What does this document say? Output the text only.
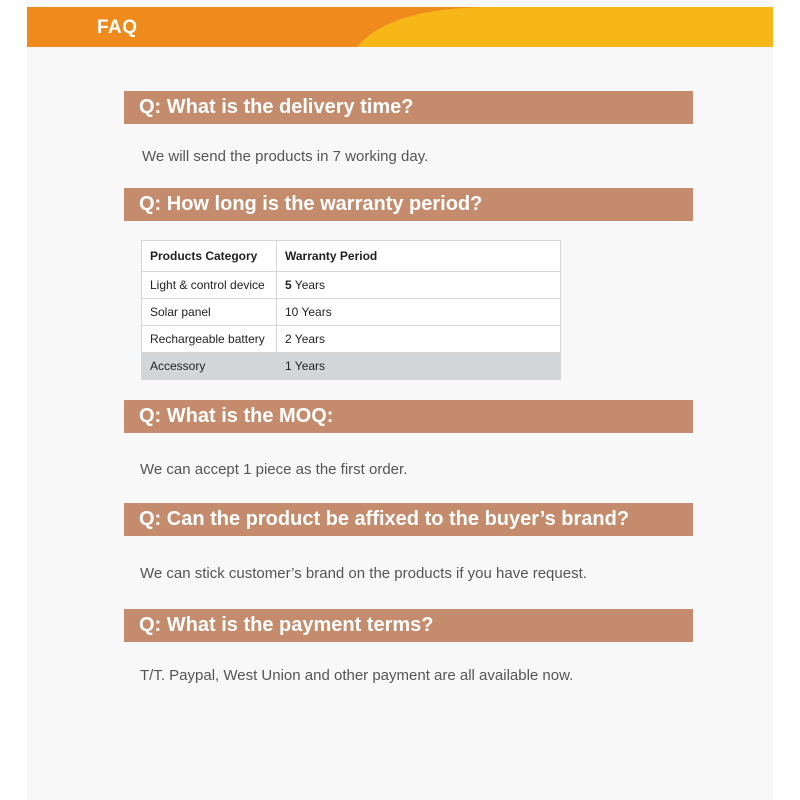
FAQ
Q: What is the delivery time?
We will send the products in 7 working day.
Q: How long is the warranty period?
Products Category	Warranty Period
Light & control device	5 Years
Solar panel	10 Years
Rechargeable battery	2 Years
Accessory	1 Years
Q: What is the MOQ:
We can accept 1 piece as the first order.
Q: Can the product be affixed to the buyer’s brand?
We can stick customer’s brand on the products if you have request.
Q: What is the payment terms?
T/T. Paypal, West Union and other payment are all available now.
